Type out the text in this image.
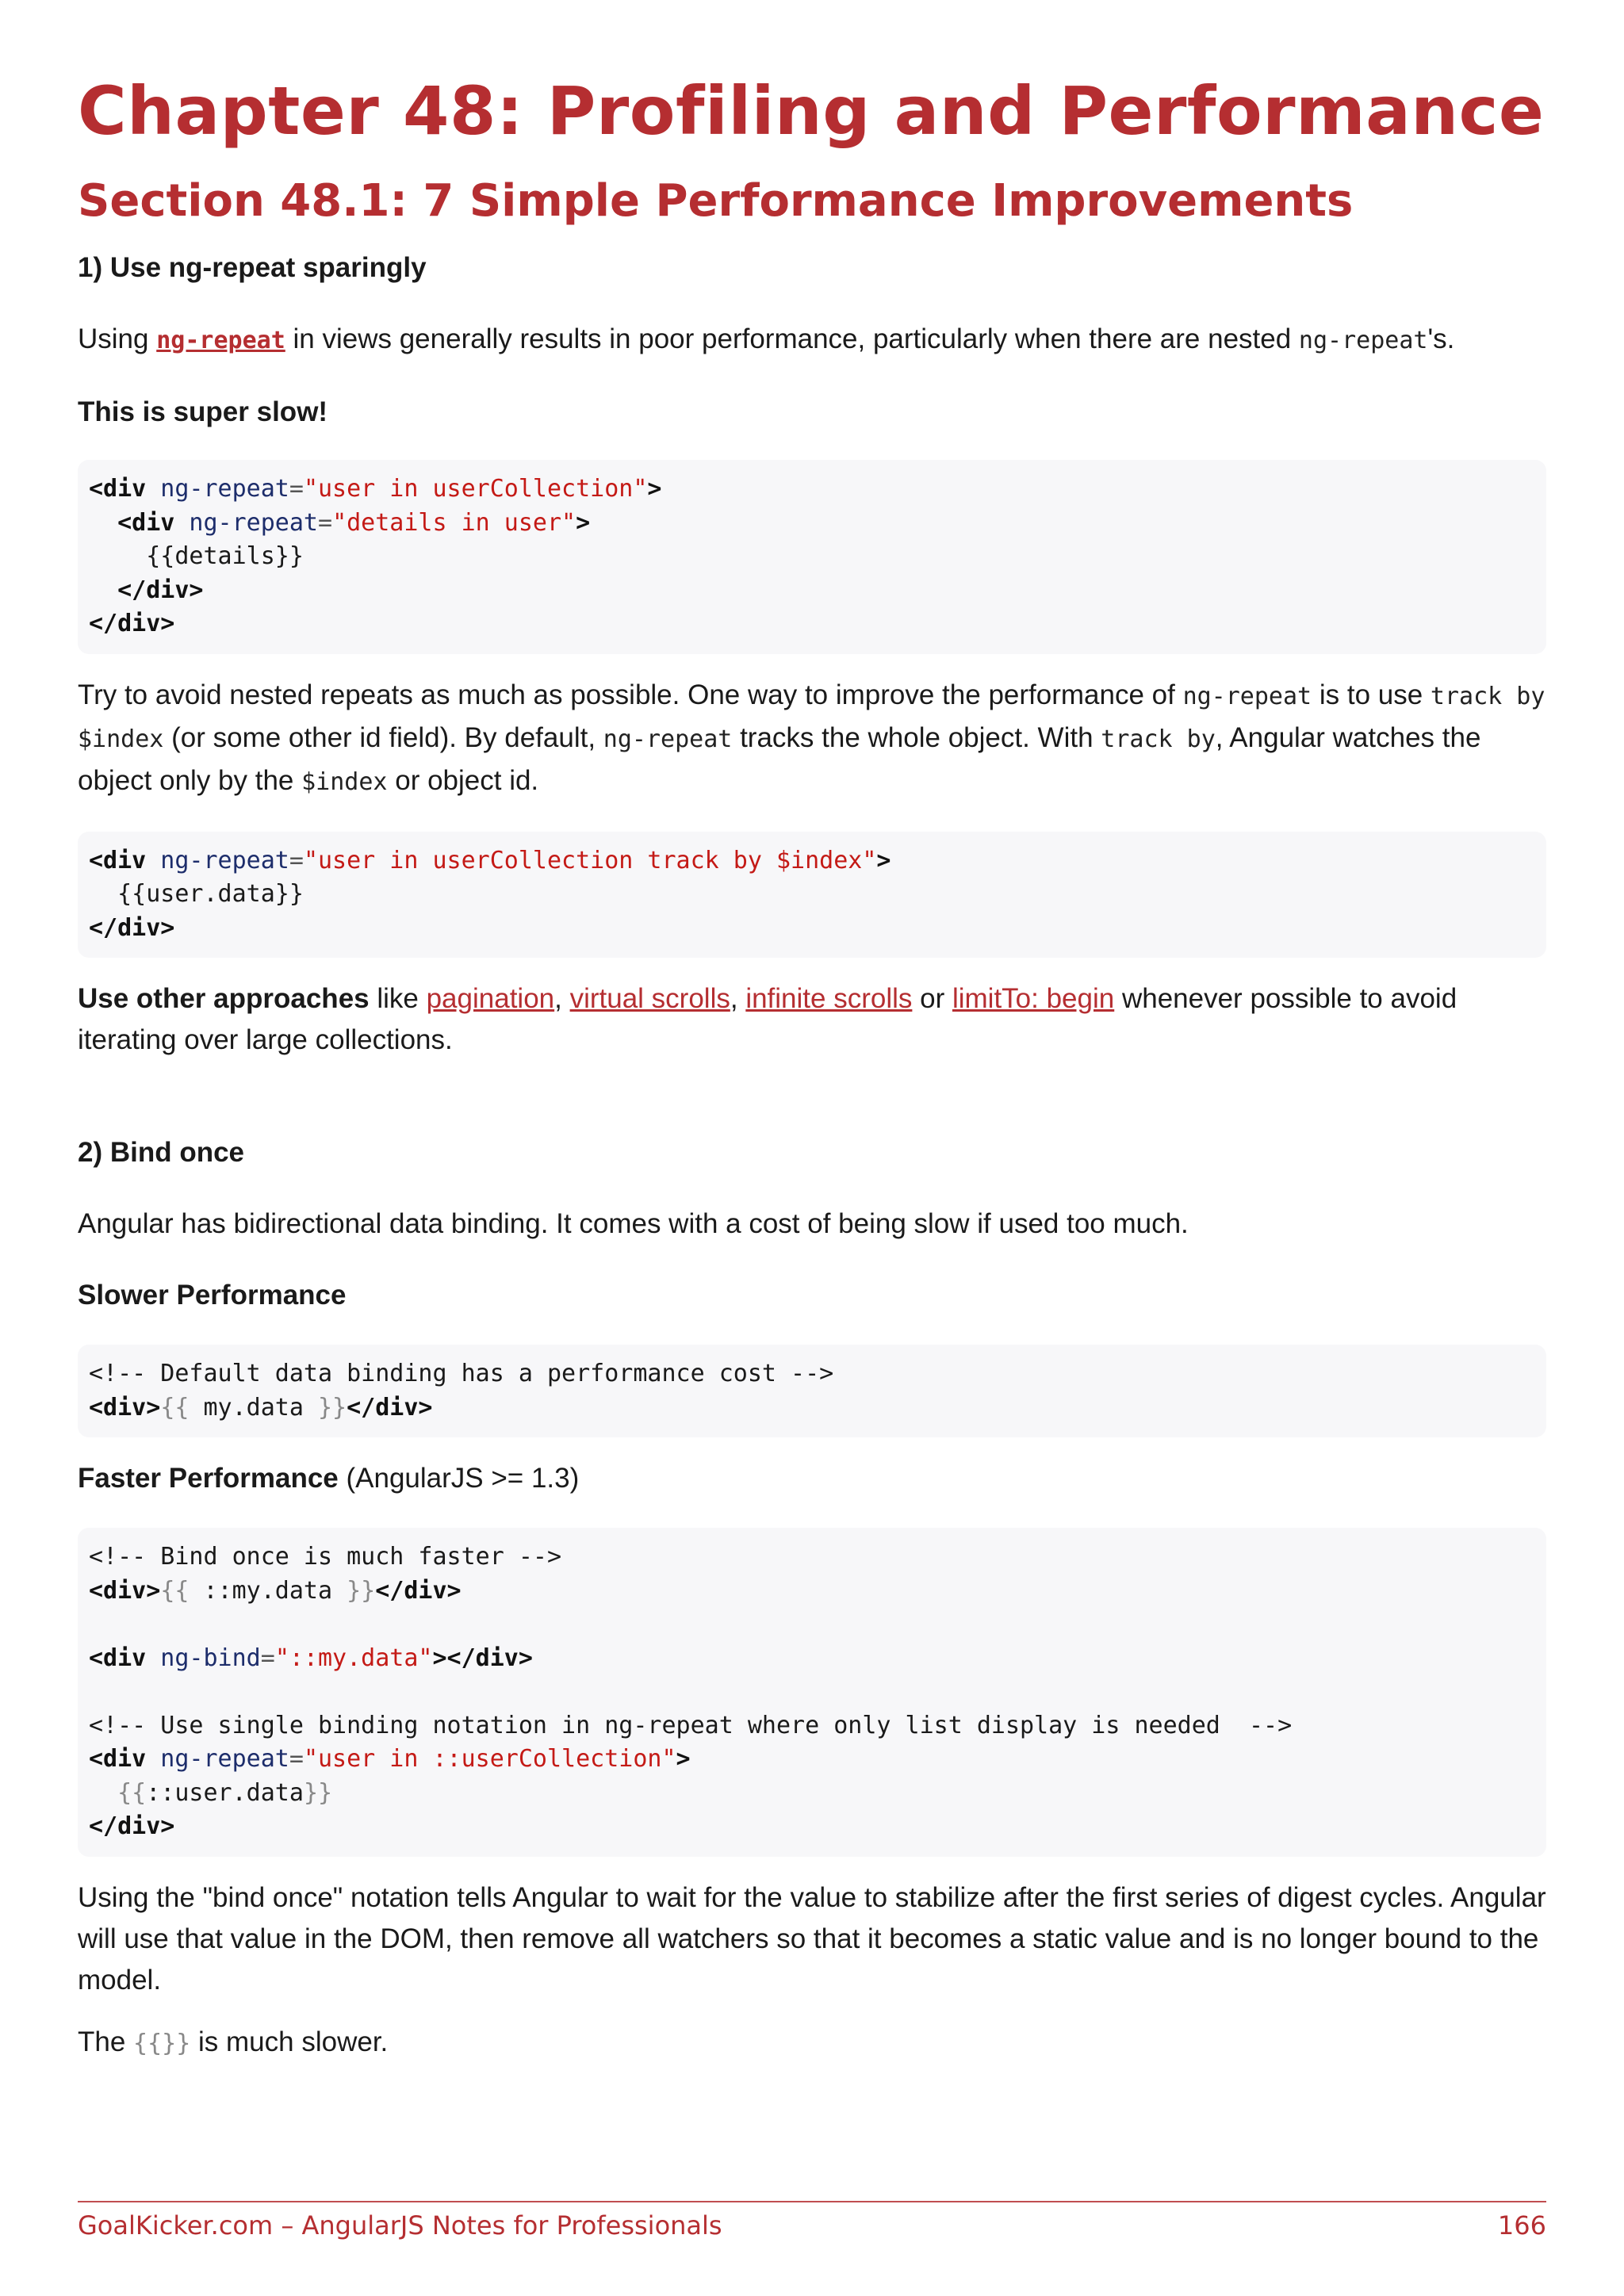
Chapter 48: Profiling and Performance
Section 48.1: 7 Simple Performance Improvements

1) Use ng-repeat sparingly

Using ng-repeat in views generally results in poor performance, particularly when there are nested ng-repeat's.

This is super slow!

<div ng-repeat="user in userCollection">
<div ng-repeat="details in user">
{{details}}
</div>
</div>

Try to avoid nested repeats as much as possible. One way to improve the performance of ng-repeat is to use track by $index (or some other id field). By default, ng-repeat tracks the whole object. With track by, Angular watches the object only by the $index or object id.

<div ng-repeat="user in userCollection track by $index">
{{user.data}}
</div>

Use other approaches like pagination, virtual scrolls, infinite scrolls or limitTo: begin whenever possible to avoid iterating over large collections.

2) Bind once

Angular has bidirectional data binding. It comes with a cost of being slow if used too much.

Slower Performance

<!-- Default data binding has a performance cost -->
<div>{{ my.data }}</div>

Faster Performance (AngularJS >= 1.3)

<!-- Bind once is much faster -->
<div>{{ ::my.data }}</div>

<div ng-bind="::my.data"></div>

<!-- Use single binding notation in ng-repeat where only list display is needed  -->
<div ng-repeat="user in ::userCollection">
{{::user.data}}
</div>

Using the "bind once" notation tells Angular to wait for the value to stabilize after the first series of digest cycles. Angular will use that value in the DOM, then remove all watchers so that it becomes a static value and is no longer bound to the model.

The {{}} is much slower.

GoalKicker.com – AngularJS Notes for Professionals	166
